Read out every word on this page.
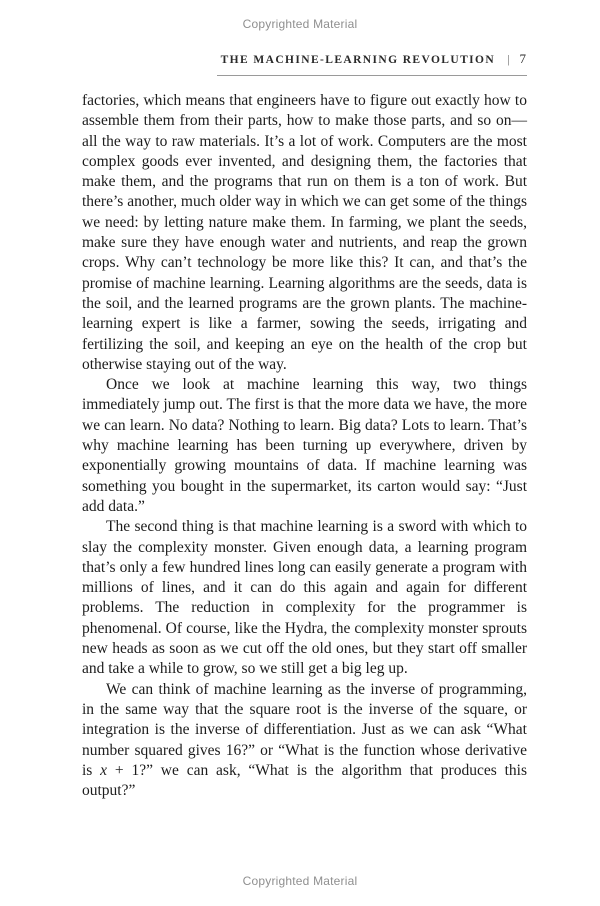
Copyrighted Material
THE MACHINE-LEARNING REVOLUTION | 7

factories, which means that engineers have to figure out exactly how to assemble them from their parts, how to make those parts, and so on—all the way to raw materials. It’s a lot of work. Computers are the most complex goods ever invented, and designing them, the factories that make them, and the programs that run on them is a ton of work. But there’s another, much older way in which we can get some of the things we need: by letting nature make them. In farming, we plant the seeds, make sure they have enough water and nutrients, and reap the grown crops. Why can’t technology be more like this? It can, and that’s the promise of machine learning. Learning algorithms are the seeds, data is the soil, and the learned programs are the grown plants. The machine-learning expert is like a farmer, sowing the seeds, irrigating and fertilizing the soil, and keeping an eye on the health of the crop but otherwise staying out of the way.

Once we look at machine learning this way, two things immediately jump out. The first is that the more data we have, the more we can learn. No data? Nothing to learn. Big data? Lots to learn. That’s why machine learning has been turning up everywhere, driven by exponentially growing mountains of data. If machine learning was something you bought in the supermarket, its carton would say: “Just add data.”

The second thing is that machine learning is a sword with which to slay the complexity monster. Given enough data, a learning program that’s only a few hundred lines long can easily generate a program with millions of lines, and it can do this again and again for different problems. The reduction in complexity for the programmer is phenomenal. Of course, like the Hydra, the complexity monster sprouts new heads as soon as we cut off the old ones, but they start off smaller and take a while to grow, so we still get a big leg up.

We can think of machine learning as the inverse of programming, in the same way that the square root is the inverse of the square, or integration is the inverse of differentiation. Just as we can ask “What number squared gives 16?” or “What is the function whose derivative is x + 1?” we can ask, “What is the algorithm that produces this output?”

Copyrighted Material
